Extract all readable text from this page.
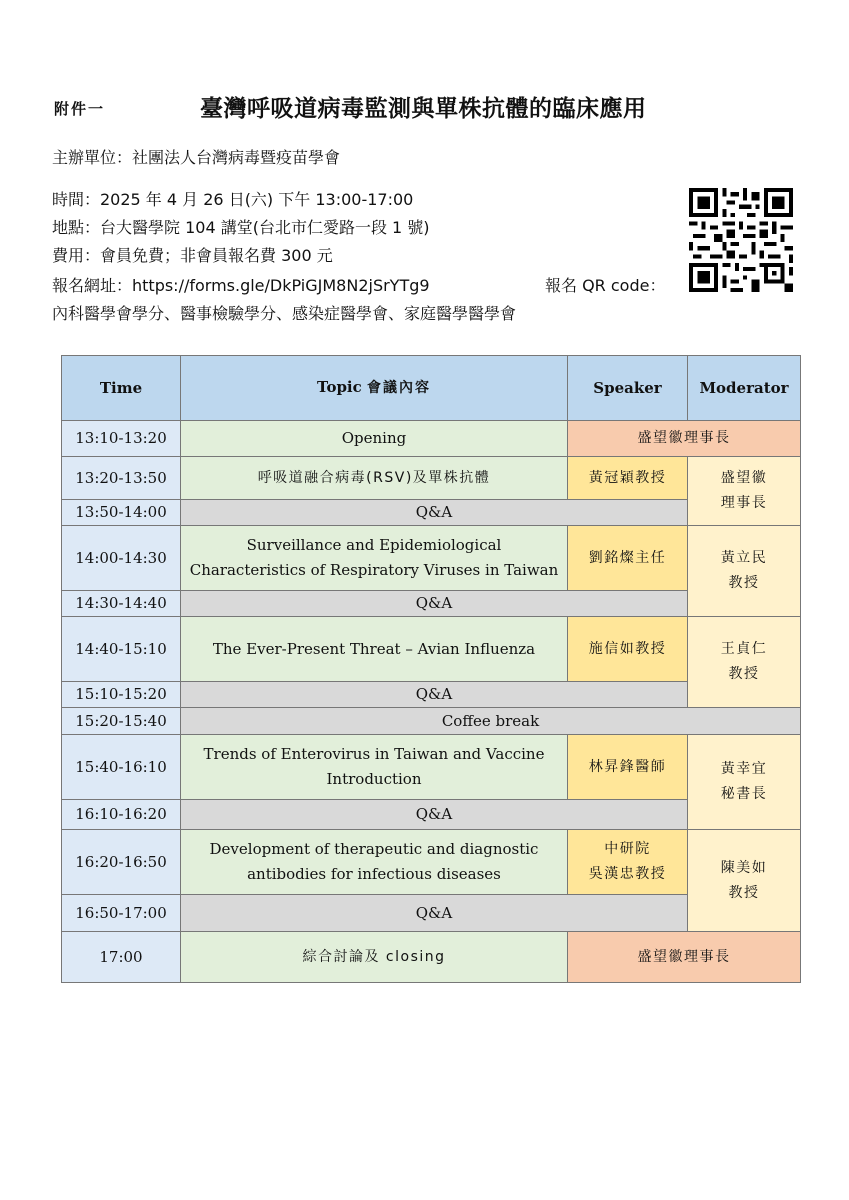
附件一	臺灣呼吸道病毒監測與單株抗體的臨床應用
主辦單位：社團法人台灣病毒暨疫苗學會
時間：2025 年 4 月 26 日(六) 下午 13:00-17:00
地點：台大醫學院 104 講堂(台北市仁愛路一段 1 號)
費用：會員免費；非會員報名費 300 元
報名網址：https://forms.gle/DkPiGJM8N2jSrYTg9	報名 QR code：
內科醫學會學分、醫事檢驗學分、感染症醫學會、家庭醫學醫學會
Time	Topic 會議內容	Speaker	Moderator
13:10-13:20	Opening	盛望徽理事長	
13:20-13:50	呼吸道融合病毒(RSV)及單株抗體	黃冠穎教授	盛望徽
理事長
13:50-14:00	Q&A		
14:00-14:30	Surveillance and Epidemiological Characteristics of Respiratory Viruses in Taiwan	劉銘燦主任	黃立民
教授
14:30-14:40	Q&A		
14:40-15:10	The Ever-Present Threat – Avian Influenza	施信如教授	王貞仁
教授
15:10-15:20	Q&A		
15:20-15:40	Coffee break		
15:40-16:10	Trends of Enterovirus in Taiwan and Vaccine Introduction	林昇鋒醫師	黃幸宜
秘書長
16:10-16:20	Q&A		
16:20-16:50	Development of therapeutic and diagnostic antibodies for infectious diseases	中研院
吳漢忠教授	陳美如
教授
16:50-17:00	Q&A		
17:00	綜合討論及 closing	盛望徽理事長	
